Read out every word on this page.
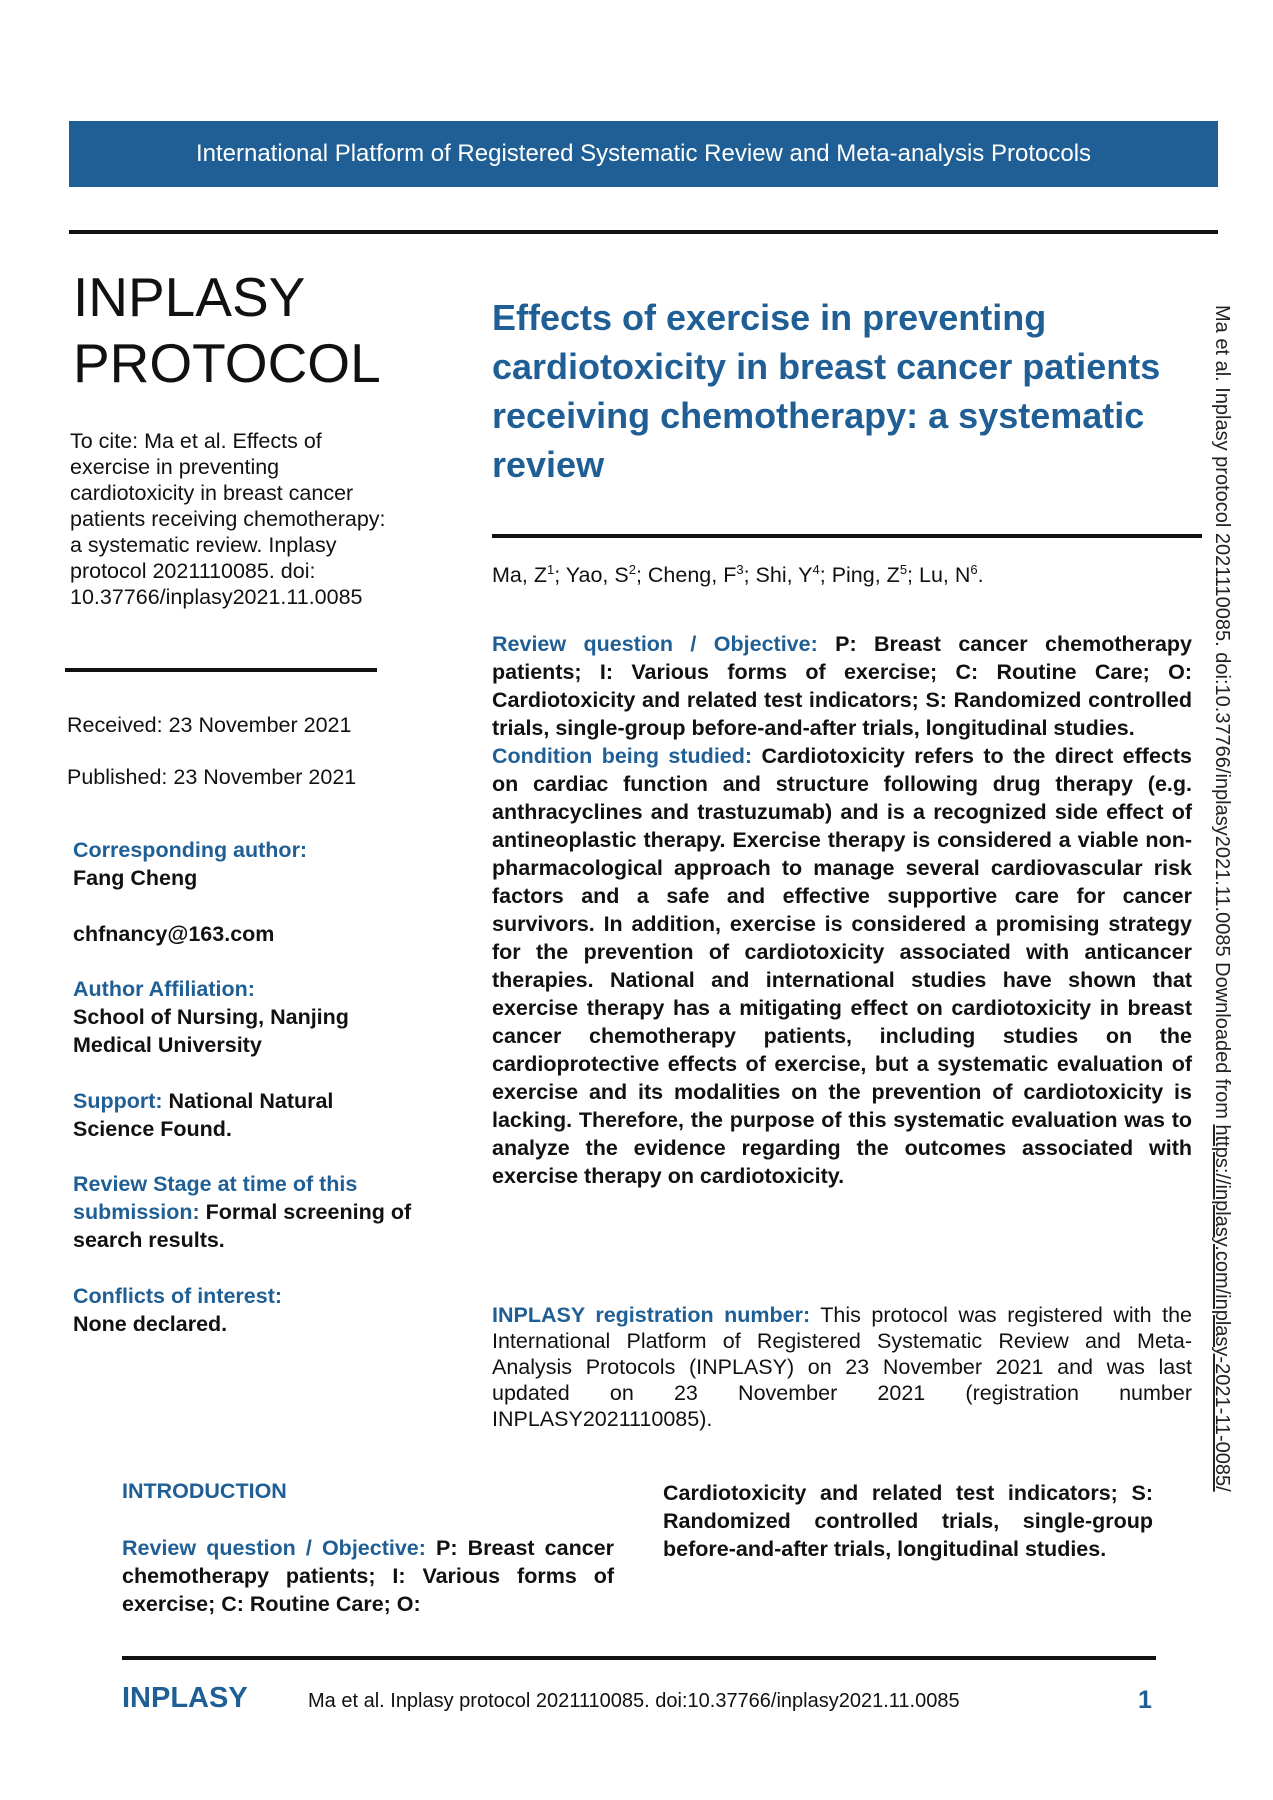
International Platform of Registered Systematic Review and Meta-analysis Protocols
INPLASY
PROTOCOL
To cite: Ma et al. Effects of exercise in preventing cardiotoxicity in breast cancer patients receiving chemotherapy: a systematic review. Inplasy protocol 2021110085. doi: 10.37766/inplasy2021.11.0085
Received: 23 November 2021
Published: 23 November 2021
Corresponding author:
Fang Cheng
chfnancy@163.com
Author Affiliation:
School of Nursing, Nanjing Medical University
Support: National Natural Science Found.
Review Stage at time of this submission: Formal screening of search results.
Conflicts of interest:
None declared.
Effects of exercise in preventing cardiotoxicity in breast cancer patients receiving chemotherapy: a systematic review
Ma, $Z^1$; Yao, $S^2$; Cheng, $F^3$; Shi, $Y^4$; Ping, $Z^5$; Lu, $N^6$.

Review question / Objective: P: Breast cancer chemotherapy patients; I: Various forms of exercise; C: Routine Care; O: Cardiotoxicity and related test indicators; S: Randomized controlled trials, single-group before-and-after trials, longitudinal studies.

Condition being studied: Cardiotoxicity refers to the direct effects on cardiac function and structure following drug therapy (e.g. anthracyclines and trastuzumab) and is a recognized side effect of antineoplastic therapy. Exercise therapy is considered a viable non-pharmacological approach to manage several cardiovascular risk factors and a safe and effective supportive care for cancer survivors. In addition, exercise is considered a promising strategy for the prevention of cardiotoxicity associated with anticancer therapies. National and international studies have shown that exercise therapy has a mitigating effect on cardiotoxicity in breast cancer chemotherapy patients, including studies on the cardioprotective effects of exercise, but a systematic evaluation of exercise and its modalities on the prevention of cardiotoxicity is lacking. Therefore, the purpose of this systematic evaluation was to analyze the evidence regarding the outcomes associated with exercise therapy on cardiotoxicity.

INPLASY registration number: This protocol was registered with the International Platform of Registered Systematic Review and Meta-Analysis Protocols (INPLASY) on 23 November 2021 and was last updated on 23 November 2021 (registration number INPLASY2021110085).
INTRODUCTION
Review question / Objective: P: Breast cancer chemotherapy patients; I: Various forms of exercise; C: Routine Care; O:
Cardiotoxicity and related test indicators; S: Randomized controlled trials, single-group before-and-after trials, longitudinal studies.
Ma et al. Inplasy protocol 2021110085. doi:10.37766/inplasy2021.11.0085 Downloaded from https://inplasy.com/inplasy-2021-11-0085/
INPLASY	Ma et al. Inplasy protocol 2021110085. doi:10.37766/inplasy2021.11.0085	1
